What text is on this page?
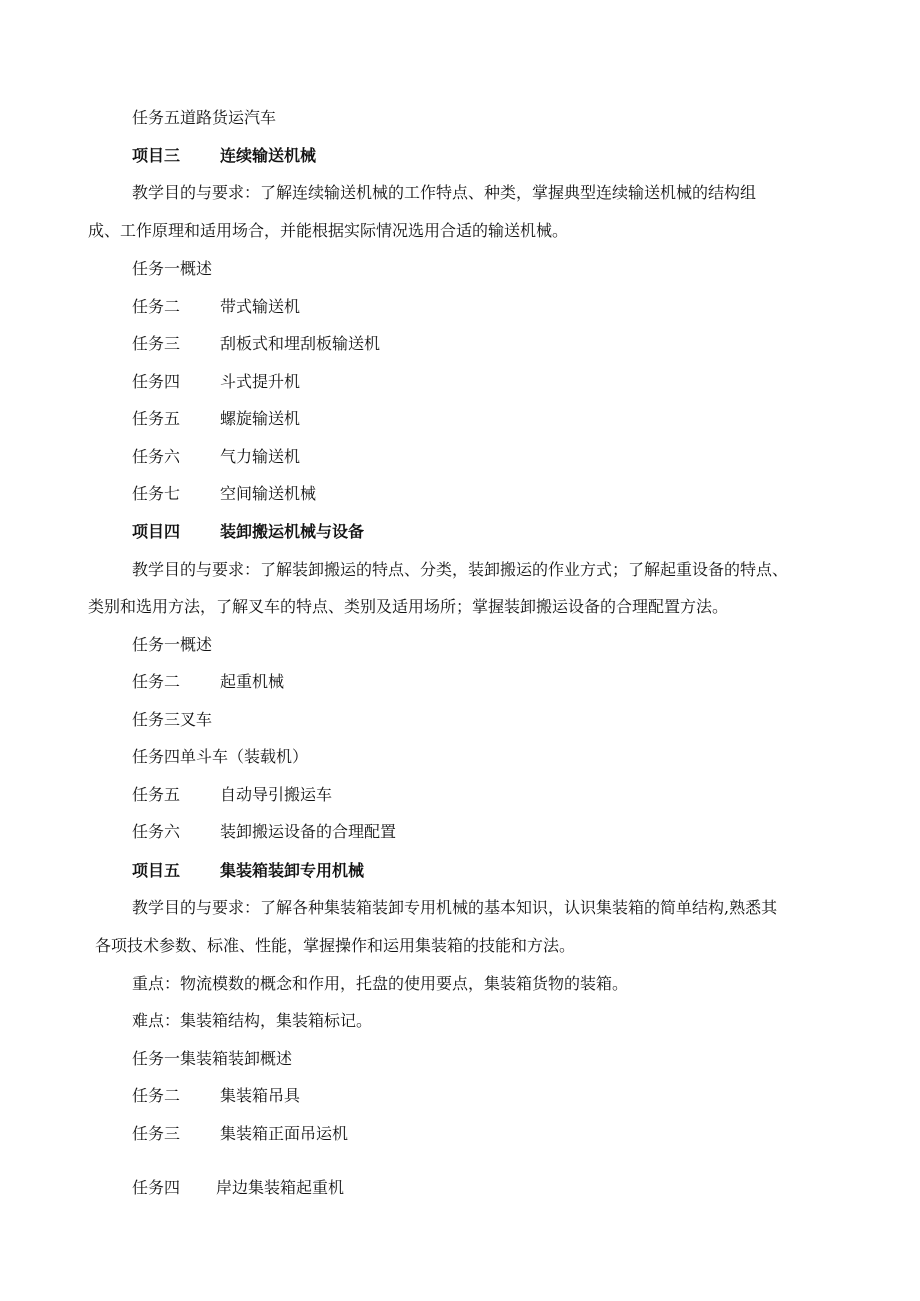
任务五道路货运汽车
项目三 连续输送机械
教学目的与要求：了解连续输送机械的工作特点、种类，掌握典型连续输送机械的结构组
成、工作原理和适用场合，并能根据实际情况选用合适的输送机械。
任务一概述
任务二 带式输送机
任务三 刮板式和埋刮板输送机
任务四 斗式提升机
任务五 螺旋输送机
任务六 气力输送机
任务七 空间输送机械
项目四 装卸搬运机械与设备
教学目的与要求：了解装卸搬运的特点、分类，装卸搬运的作业方式；了解起重设备的特点、
类别和选用方法，了解叉车的特点、类别及适用场所；掌握装卸搬运设备的合理配置方法。
任务一概述
任务二 起重机械
任务三叉车
任务四单斗车（装载机）
任务五 自动导引搬运车
任务六 装卸搬运设备的合理配置
项目五 集装箱装卸专用机械
教学目的与要求：了解各种集装箱装卸专用机械的基本知识，认识集装箱的简单结构,熟悉其
各项技术参数、标准、性能，掌握操作和运用集装箱的技能和方法。
重点：物流模数的概念和作用，托盘的使用要点，集装箱货物的装箱。
难点：集装箱结构，集装箱标记。
任务一集装箱装卸概述
任务二 集装箱吊具
任务三 集装箱正面吊运机
任务四 岸边集装箱起重机
